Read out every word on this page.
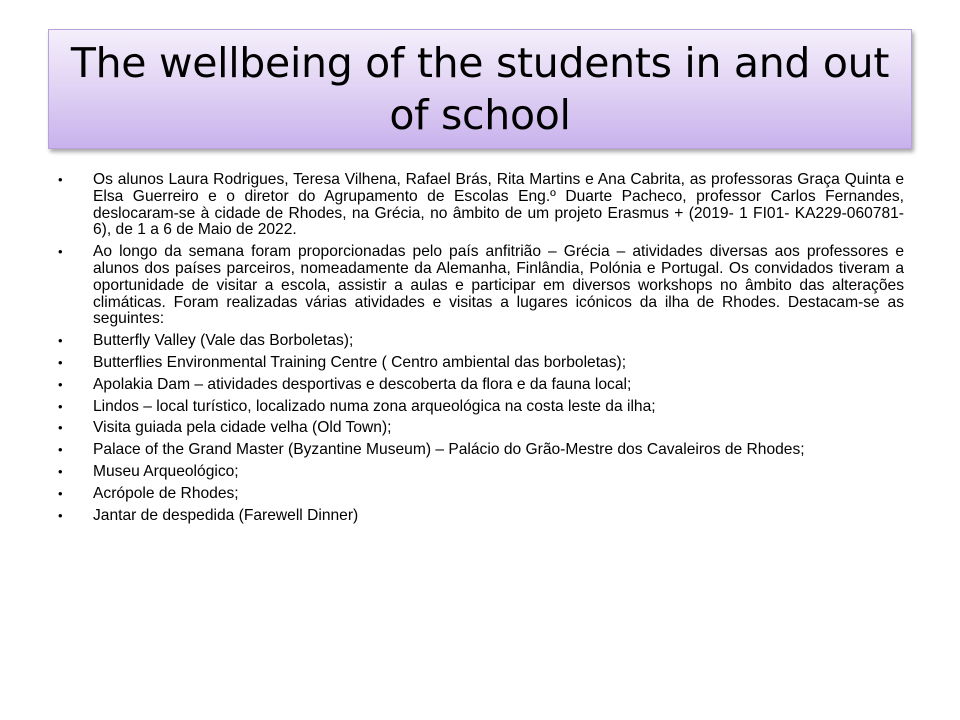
The wellbeing of the students in and out of school
• Os alunos Laura Rodrigues, Teresa Vilhena, Rafael Brás, Rita Martins e Ana Cabrita, as professoras Graça Quinta e Elsa Guerreiro e o diretor do Agrupamento de Escolas Eng.º Duarte Pacheco, professor Carlos Fernandes, deslocaram-se à cidade de Rhodes, na Grécia, no âmbito de um projeto Erasmus + (2019- 1 FI01- KA229-060781-6), de 1 a 6 de Maio de 2022.
• Ao longo da semana foram proporcionadas pelo país anfitrião – Grécia – atividades diversas aos professores e alunos dos países parceiros, nomeadamente da Alemanha, Finlândia, Polónia e Portugal. Os convidados tiveram a oportunidade de visitar a escola, assistir a aulas e participar em diversos workshops no âmbito das alterações climáticas. Foram realizadas várias atividades e visitas a lugares icónicos da ilha de Rhodes. Destacam-se as seguintes:
• Butterfly Valley (Vale das Borboletas);
• Butterflies Environmental Training Centre ( Centro ambiental das borboletas);
• Apolakia Dam – atividades desportivas e descoberta da flora e da fauna local;
• Lindos – local turístico, localizado numa zona arqueológica na costa leste da ilha;
• Visita guiada pela cidade velha (Old Town);
• Palace of the Grand Master (Byzantine Museum) – Palácio do Grão-Mestre dos Cavaleiros de Rhodes;
• Museu Arqueológico;
• Acrópole de Rhodes;
• Jantar de despedida (Farewell Dinner)
